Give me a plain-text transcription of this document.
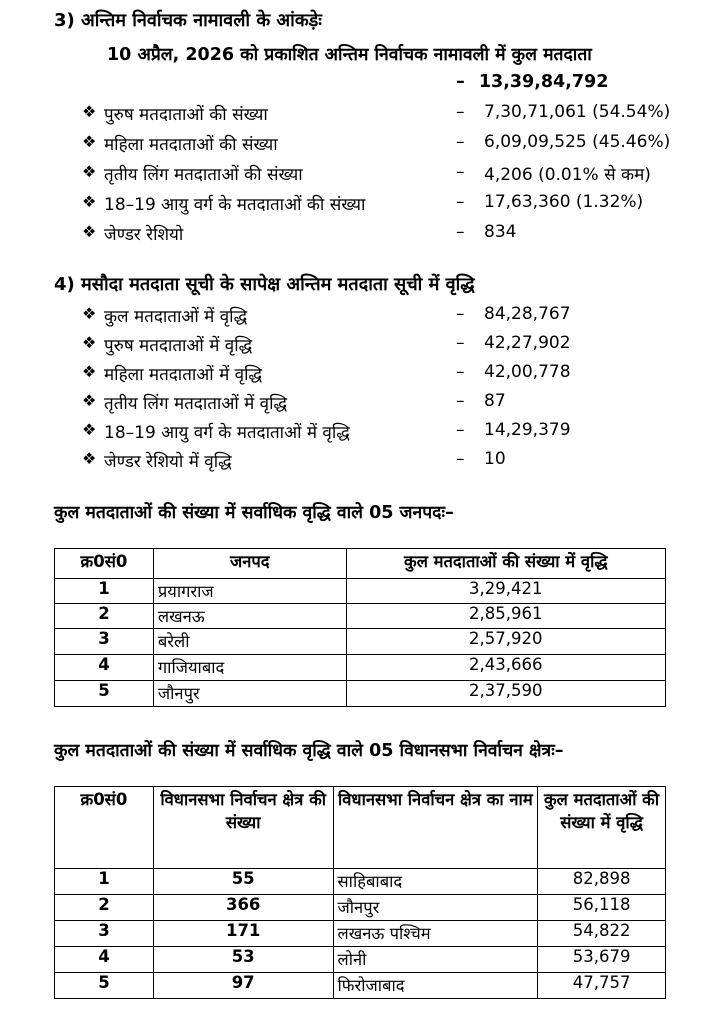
3) अन्तिम निर्वाचक नामावली के आंकड़ेः
10 अप्रैल, 2026 को प्रकाशित अन्तिम निर्वाचक नामावली में कुल मतदाता
– 13,39,84,792
❖ पुरुष मतदाताओं की संख्या	– 7,30,71,061 (54.54%)
❖ महिला मतदाताओं की संख्या	– 6,09,09,525 (45.46%)
❖ तृतीय लिंग मतदाताओं की संख्या	– 4,206 (0.01% से कम)
❖ 18–19 आयु वर्ग के मतदाताओं की संख्या	– 17,63,360 (1.32%)
❖ जेण्डर रेशियो	– 834
4) मसौदा मतदाता सूची के सापेक्ष अन्तिम मतदाता सूची में वृद्धि
❖ कुल मतदाताओं में वृद्धि	– 84,28,767
❖ पुरुष मतदाताओं में वृद्धि	– 42,27,902
❖ महिला मतदाताओं में वृद्धि	– 42,00,778
❖ तृतीय लिंग मतदाताओं में वृद्धि	– 87
❖ 18–19 आयु वर्ग के मतदाताओं में वृद्धि	– 14,29,379
❖ जेण्डर रेशियो में वृद्धि	– 10
कुल मतदाताओं की संख्या में सर्वाधिक वृद्धि वाले 05 जनपदः–
क्र0सं0	जनपद	कुल मतदाताओं की संख्या में वृद्धि
1	प्रयागराज	3,29,421
2	लखनऊ	2,85,961
3	बरेली	2,57,920
4	गाजियाबाद	2,43,666
5	जौनपुर	2,37,590
कुल मतदाताओं की संख्या में सर्वाधिक वृद्धि वाले 05 विधानसभा निर्वाचन क्षेत्रः–
क्र0सं0	विधानसभा निर्वाचन क्षेत्र की संख्या	विधानसभा निर्वाचन क्षेत्र का नाम	कुल मतदाताओं की संख्या में वृद्धि
1	55	साहिबाबाद	82,898
2	366	जौनपुर	56,118
3	171	लखनऊ पश्चिम	54,822
4	53	लोनी	53,679
5	97	फिरोजाबाद	47,757
